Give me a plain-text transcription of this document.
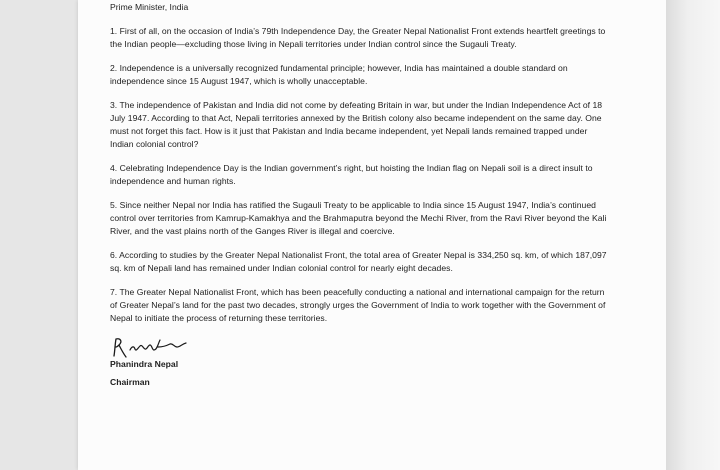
Prime Minister, India

1. First of all, on the occasion of India’s 79th Independence Day, the Greater Nepal Nationalist Front extends heartfelt greetings to the Indian people—excluding those living in Nepali territories under Indian control since the Sugauli Treaty.

2. Independence is a universally recognized fundamental principle; however, India has maintained a double standard on independence since 15 August 1947, which is wholly unacceptable.

3. The independence of Pakistan and India did not come by defeating Britain in war, but under the Indian Independence Act of 18 July 1947. According to that Act, Nepali territories annexed by the British colony also became independent on the same day. One must not forget this fact. How is it just that Pakistan and India became independent, yet Nepali lands remained trapped under Indian colonial control?

4. Celebrating Independence Day is the Indian government’s right, but hoisting the Indian flag on Nepali soil is a direct insult to independence and human rights.

5. Since neither Nepal nor India has ratified the Sugauli Treaty to be applicable to India since 15 August 1947, India’s continued control over territories from Kamrup-Kamakhya and the Brahmaputra beyond the Mechi River, from the Ravi River beyond the Kali River, and the vast plains north of the Ganges River is illegal and coercive.

6. According to studies by the Greater Nepal Nationalist Front, the total area of Greater Nepal is 334,250 sq. km, of which 187,097 sq. km of Nepali land has remained under Indian colonial control for nearly eight decades.

7. The Greater Nepal Nationalist Front, which has been peacefully conducting a national and international campaign for the return of Greater Nepal’s land for the past two decades, strongly urges the Government of India to work together with the Government of Nepal to initiate the process of returning these territories.

Phanindra Nepal

Chairman
